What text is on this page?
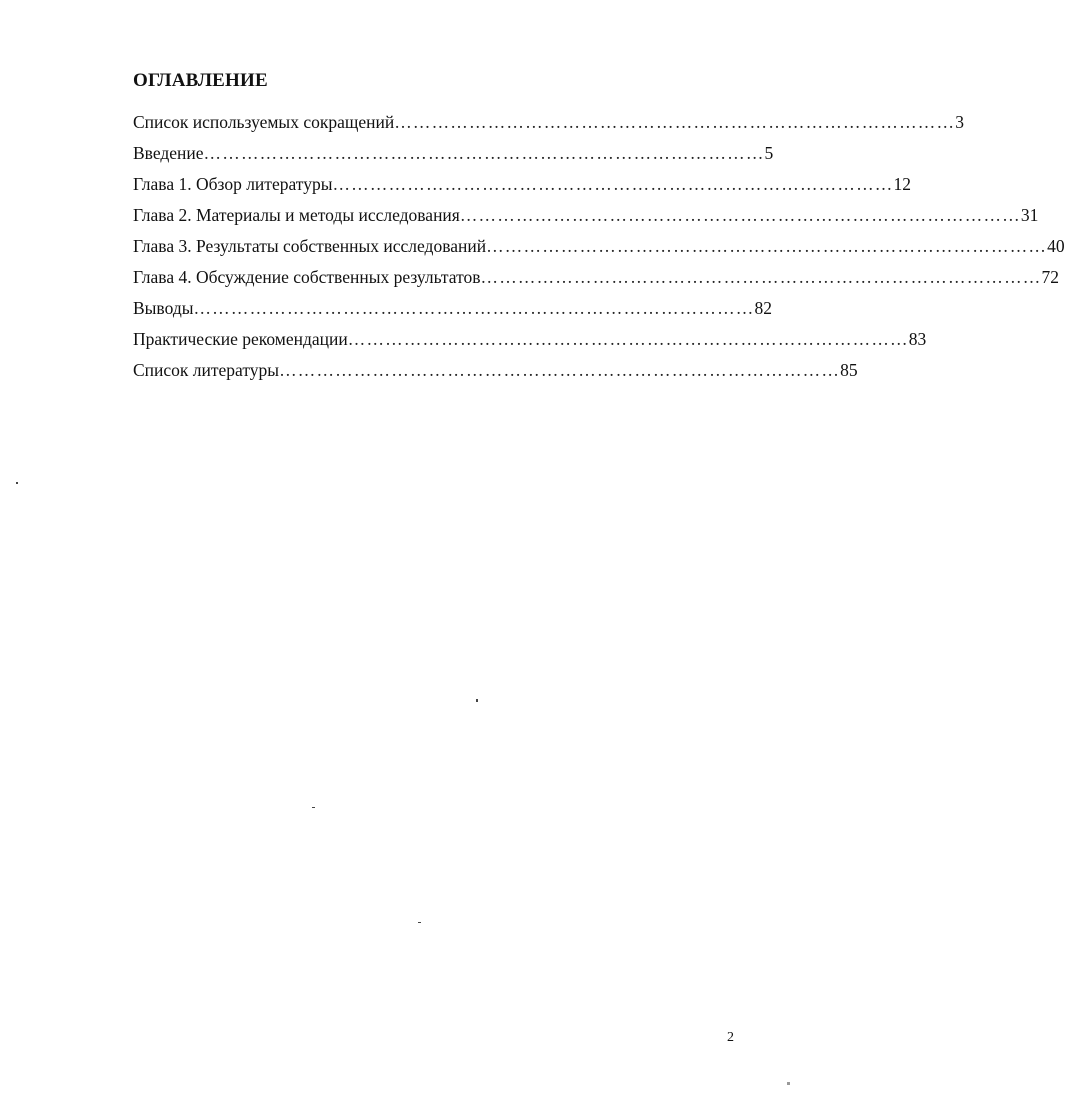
ОГЛАВЛЕНИЕ
Список используемых сокращений ……………………………………………………………………………… 3
Введение ……………………………………………………………………………… 5
Глава 1. Обзор литературы ……………………………………………………………………………… 12
Глава 2. Материалы и методы исследования ……………………………………………………………………………… 31
Глава 3. Результаты собственных исследований ……………………………………………………………………………… 40
Глава 4. Обсуждение собственных результатов ……………………………………………………………………………… 72
Выводы ……………………………………………………………………………… 82
Практические рекомендации ……………………………………………………………………………… 83
Список литературы ……………………………………………………………………………… 85
2
